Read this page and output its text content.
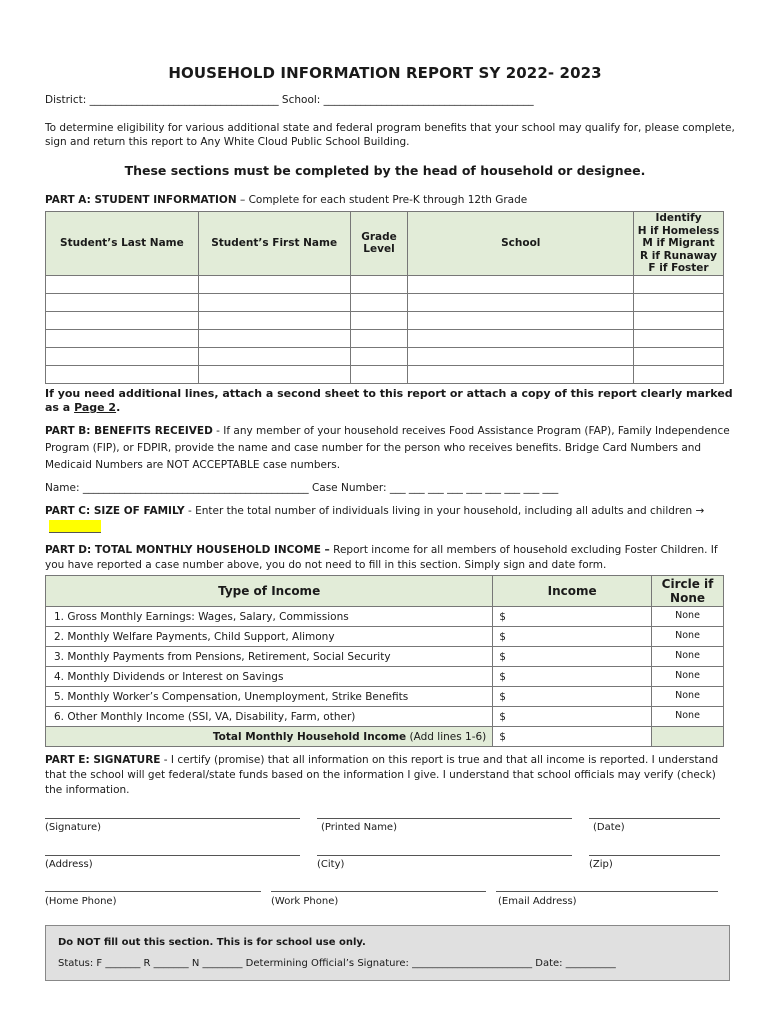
HOUSEHOLD INFORMATION REPORT SY 2022- 2023
District: ____________________________________ School: ________________________________________
To determine eligibility for various additional state and federal program benefits that your school may qualify for, please complete, sign and return this report to Any White Cloud Public School Building.
These sections must be completed by the head of household or designee.
PART A: STUDENT INFORMATION – Complete for each student Pre-K through 12th Grade
Student’s Last Name	Student’s First Name	Grade Level	School	Identify
H if Homeless
M if Migrant
R if Runaway
F if Foster

If you need additional lines, attach a second sheet to this report or attach a copy of this report clearly marked as a Page 2.
PART B: BENEFITS RECEIVED - If any member of your household receives Food Assistance Program (FAP), Family Independence Program (FIP), or FDPIR, provide the name and case number for the person who receives benefits. Bridge Card Numbers and Medicaid Numbers are NOT ACCEPTABLE case numbers.
Name: ___________________________________________ Case Number: ___ ___ ___ ___ ___ ___ ___ ___ ___
PART C: SIZE OF FAMILY - Enter the total number of individuals living in your household, including all adults and children →
PART D: TOTAL MONTHLY HOUSEHOLD INCOME – Report income for all members of household excluding Foster Children. If you have reported a case number above, you do not need to fill in this section. Simply sign and date form.
Type of Income	Income	Circle if None
1. Gross Monthly Earnings: Wages, Salary, Commissions	$	None
2. Monthly Welfare Payments, Child Support, Alimony	$	None
3. Monthly Payments from Pensions, Retirement, Social Security	$	None
4. Monthly Dividends or Interest on Savings	$	None
5. Monthly Worker’s Compensation, Unemployment, Strike Benefits	$	None
6. Other Monthly Income (SSI, VA, Disability, Farm, other)	$	None
Total Monthly Household Income (Add lines 1-6)	$	
PART E: SIGNATURE - I certify (promise) that all information on this report is true and that all income is reported. I understand that the school will get federal/state funds based on the information I give. I understand that school officials may verify (check) the information.
(Signature)	(Printed Name)	(Date)
(Address)	(City)	(Zip)
(Home Phone)	(Work Phone)	(Email Address)
Do NOT fill out this section. This is for school use only.
Status: F _______ R _______ N ________ Determining Official’s Signature: ________________________ Date: __________
